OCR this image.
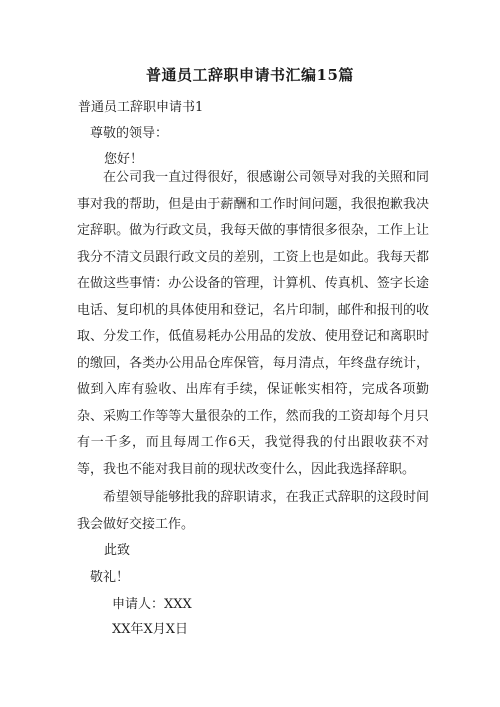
普通员工辞职申请书汇编15篇
普通员工辞职申请书1
尊敬的领导：
您好！

在公司我一直过得很好，很感谢公司领导对我的关照和同事对我的帮助，但是由于薪酬和工作时间问题，我很抱歉我决定辞职。做为行政文员，我每天做的事情很多很杂，工作上让我分不清文员跟行政文员的差别，工资上也是如此。我每天都在做这些事情：办公设备的管理，计算机、传真机、签字长途电话、复印机的具体使用和登记，名片印制，邮件和报刊的收取、分发工作，低值易耗办公用品的发放、使用登记和离职时的缴回，各类办公用品仓库保管，每月清点，年终盘存统计，做到入库有验收、出库有手续，保证帐实相符，完成各项勤杂、采购工作等等大量很杂的工作，然而我的工资却每个月只有一千多，而且每周工作6天，我觉得我的付出跟收获不对等，我也不能对我目前的现状改变什么，因此我选择辞职。

希望领导能够批我的辞职请求，在我正式辞职的这段时间我会做好交接工作。

此致
敬礼！
申请人：XXX
XX年X月X日
